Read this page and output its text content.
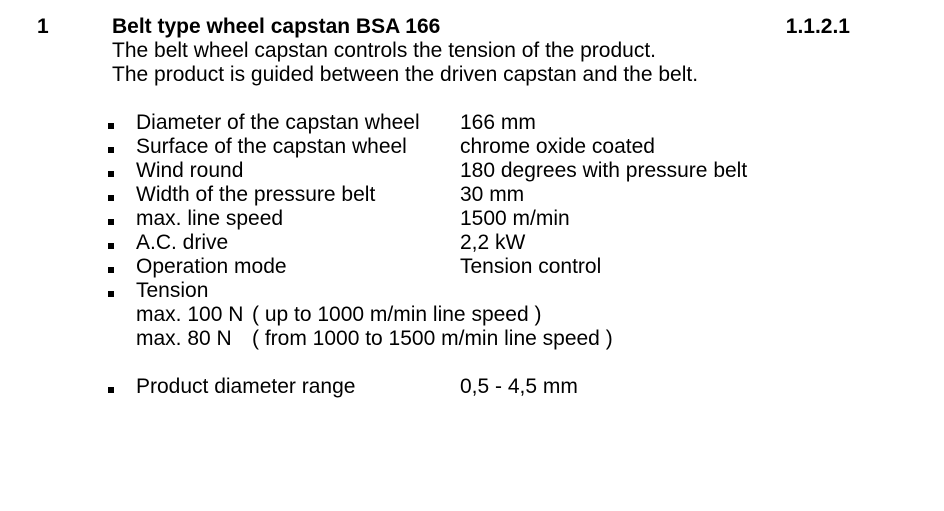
1	Belt type wheel capstan BSA 166	1.1.2.1
The belt wheel capstan controls the tension of the product.
The product is guided between the driven capstan and the belt.
Diameter of the capstan wheel 166 mm
Surface of the capstan wheel	chrome oxide coated
Wind round	180 degrees with pressure belt
Width of the pressure belt	30 mm
max. line speed	1500 m/min
A.C. drive	2,2 kW
Operation mode	Tension control
Tension
max. 100 N ( up to 1000 m/min line speed )
max. 80 N ( from 1000 to 1500 m/min line speed )
Product diameter range	0,5 - 4,5 mm
